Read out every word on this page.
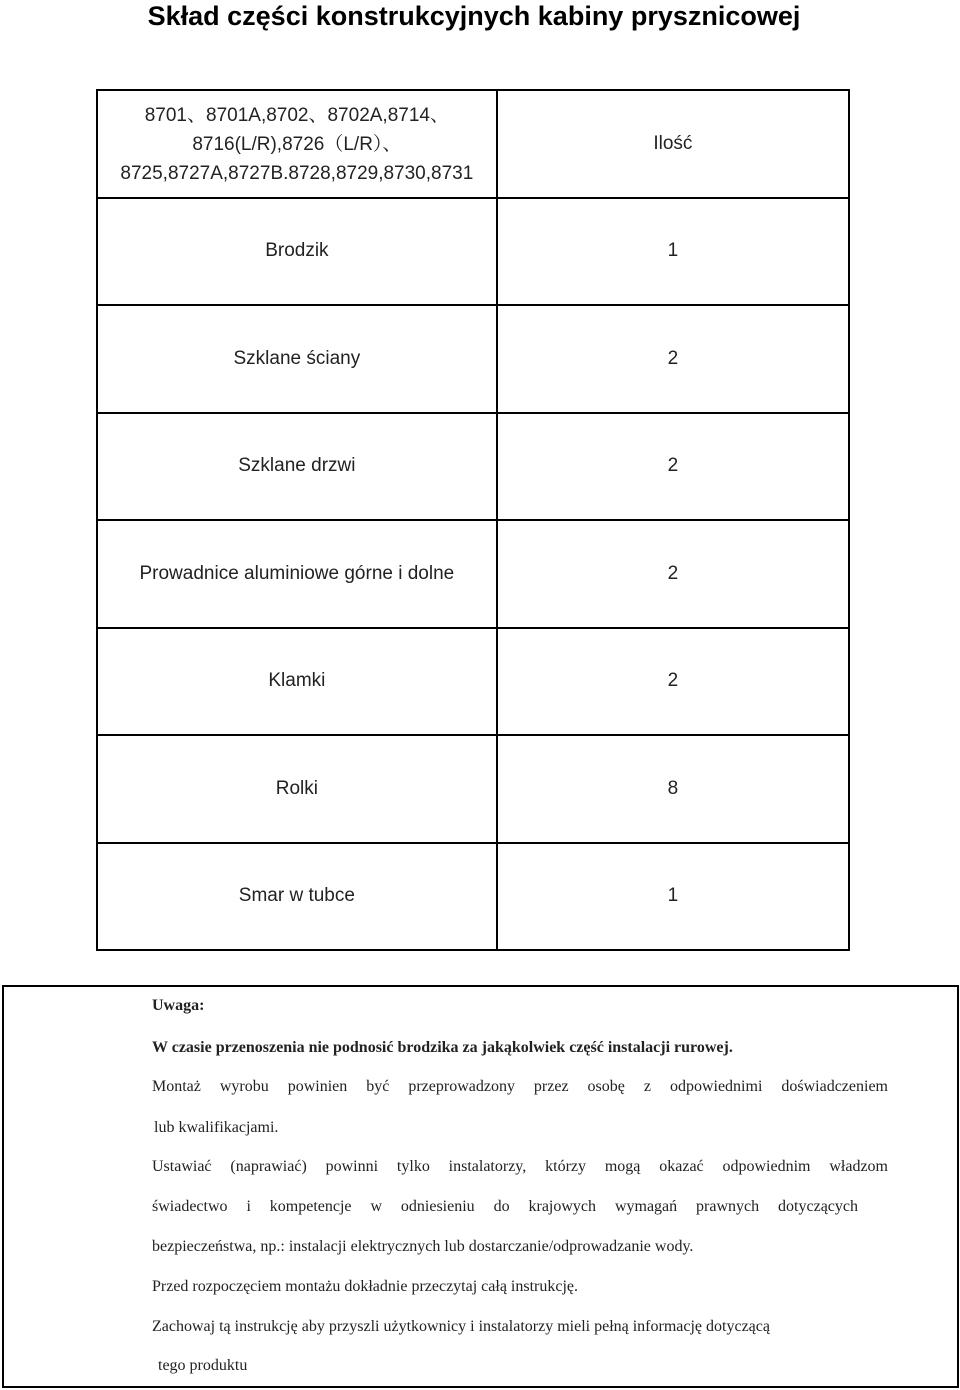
Skład części konstrukcyjnych kabiny prysznicowej
8701、8701A,8702、8702A,8714、
8716(L/R),8726（L/R）、
8725,8727A,8727B.8728,8729,8730,8731	Ilość
Brodzik	1
Szklane ściany	2
Szklane drzwi	2
Prowadnice aluminiowe górne i dolne	2
Klamki	2
Rolki	8
Smar w tubce	1

Uwaga:

W czasie przenoszenia nie podnosić brodzika za jakąkolwiek część instalacji rurowej.

Montaż wyrobu powinien być przeprowadzony przez osobę z odpowiednimi doświadczeniem

lub kwalifikacjami.

Ustawiać (naprawiać) powinni tylko instalatorzy, którzy mogą okazać odpowiednim władzom

świadectwo i kompetencje w odniesieniu do krajowych wymagań prawnych dotyczących

bezpieczeństwa, np.: instalacji elektrycznych lub dostarczanie/odprowadzanie wody.

Przed rozpoczęciem montażu dokładnie przeczytaj całą instrukcję.

Zachowaj tą instrukcję aby przyszli użytkownicy i instalatorzy mieli pełną informację dotyczącą

tego produktu
